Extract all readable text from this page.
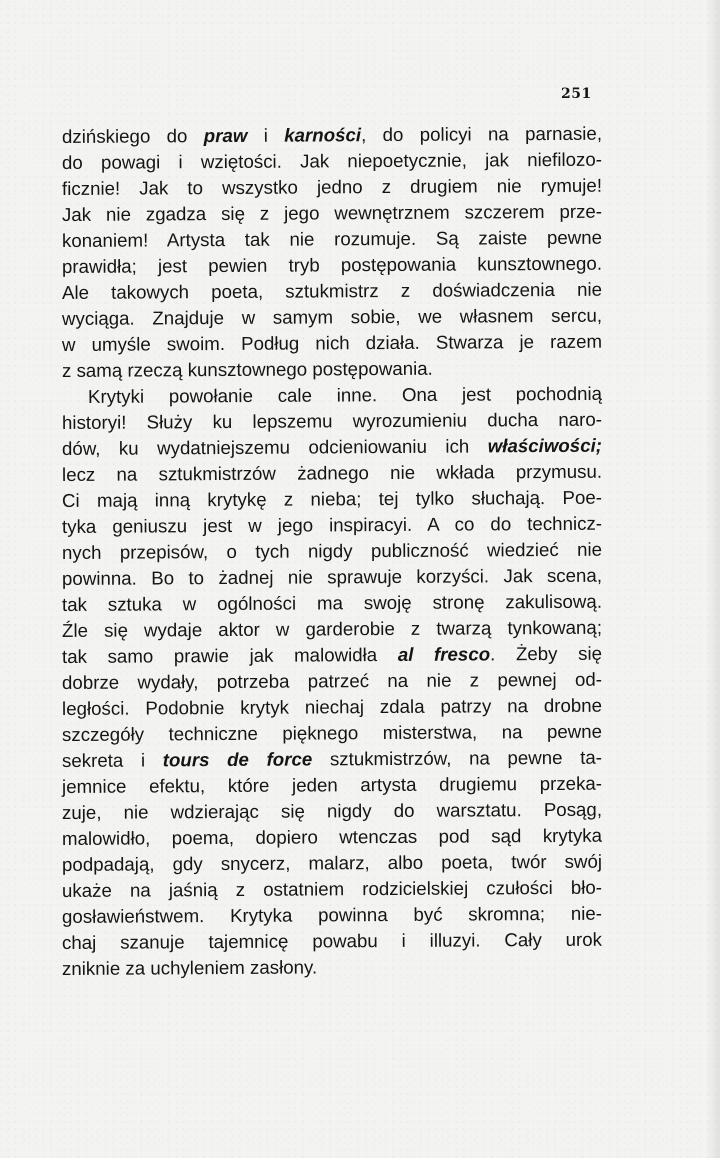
251
dzińskiego do praw i karności, do policyi na parnasie,
do powagi i wziętości. Jak niepoetycznie, jak niefilozo-
ficznie! Jak to wszystko jedno z drugiem nie rymuje!
Jak nie zgadza się z jego wewnętrznem szczerem prze-
konaniem! Artysta tak nie rozumuje. Są zaiste pewne
prawidła; jest pewien tryb postępowania kunsztownego.
Ale takowych poeta, sztukmistrz z doświadczenia nie
wyciąga. Znajduje w samym sobie, we własnem sercu,
w umyśle swoim. Podług nich działa. Stwarza je razem
z samą rzeczą kunsztownego postępowania.
Krytyki powołanie cale inne. Ona jest pochodnią
historyi! Służy ku lepszemu wyrozumieniu ducha naro-
dów, ku wydatniejszemu odcieniowaniu ich właściwości;
lecz na sztukmistrzów żadnego nie wkłada przymusu.
Ci mają inną krytykę z nieba; tej tylko słuchają. Poe-
tyka geniuszu jest w jego inspiracyi. A co do technicz-
nych przepisów, o tych nigdy publiczność wiedzieć nie
powinna. Bo to żadnej nie sprawuje korzyści. Jak scena,
tak sztuka w ogólności ma swoję stronę zakulisową.
Źle się wydaje aktor w garderobie z twarzą tynkowaną;
tak samo prawie jak malowidła al fresco. Żeby się
dobrze wydały, potrzeba patrzeć na nie z pewnej od-
ległości. Podobnie krytyk niechaj zdala patrzy na drobne
szczegóły techniczne pięknego misterstwa, na pewne
sekreta i tours de force sztukmistrzów, na pewne ta-
jemnice efektu, które jeden artysta drugiemu przeka-
zuje, nie wdzierając się nigdy do warsztatu. Posąg,
malowidło, poema, dopiero wtenczas pod sąd krytyka
podpadają, gdy snycerz, malarz, albo poeta, twór swój
ukaże na jaśnią z ostatniem rodzicielskiej czułości bło-
gosławieństwem. Krytyka powinna być skromna; nie-
chaj szanuje tajemnicę powabu i illuzyi. Cały urok
zniknie za uchyleniem zasłony.
